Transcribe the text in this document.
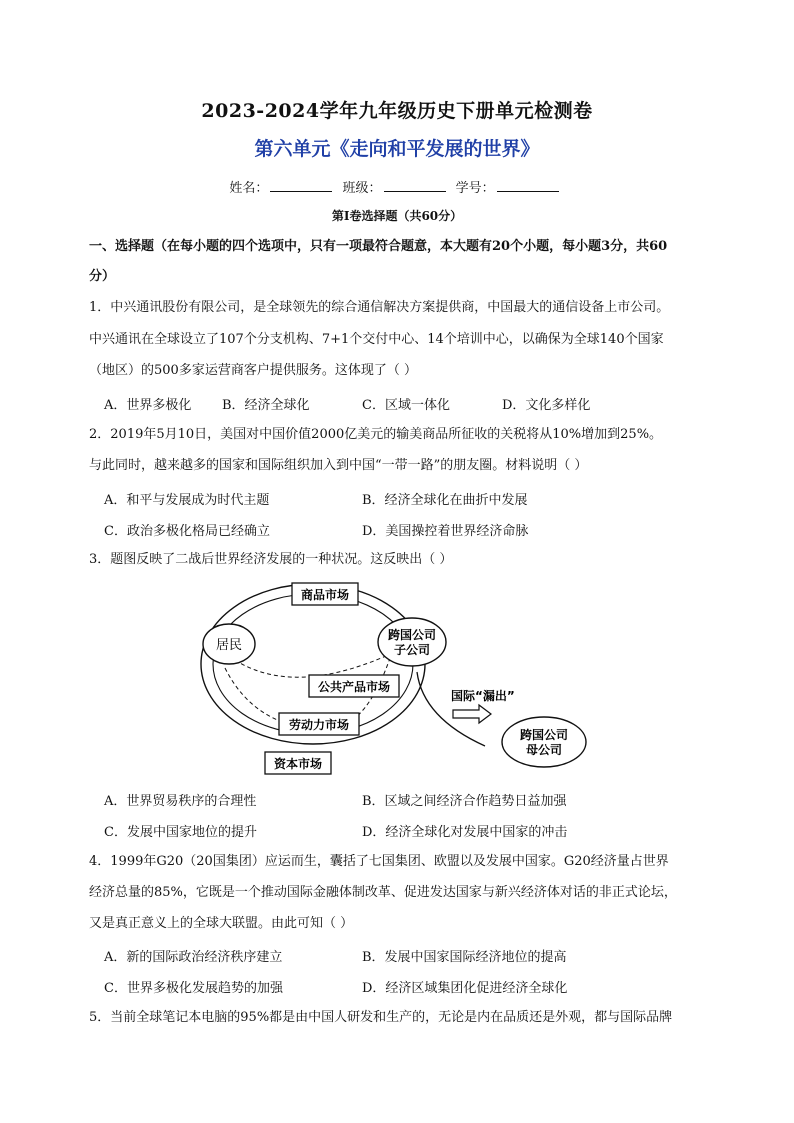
2023-2024学年九年级历史下册单元检测卷
第六单元《走向和平发展的世界》
姓名：	班级：	学号：
第I卷选择题（共60分）
一、选择题（在每小题的四个选项中，只有一项最符合题意，本大题有20个小题，每小题3分，共60
分）
1．中兴通讯股份有限公司，是全球领先的综合通信解决方案提供商，中国最大的通信设备上市公司。
中兴通讯在全球设立了107个分支机构、7+1个交付中心、14个培训中心，以确保为全球140个国家
（地区）的500多家运营商客户提供服务。这体现了（ ）
A．世界多极化 B．经济全球化	C．区域一体化	D．文化多样化
2．2019年5月10日，美国对中国价值2000亿美元的输美商品所征收的关税将从10%增加到25%。
与此同时，越来越多的国家和国际组织加入到中国“一带一路”的朋友圈。材料说明（ ）
A．和平与发展成为时代主题	B．经济全球化在曲折中发展
C．政治多极化格局已经确立	D．美国操控着世界经济命脉
3．题图反映了二战后世界经济发展的一种状况。这反映出（ ）
居民
跨国公司
子公司
商品市场
公共产品市场
劳动力市场
资本市场
国际“漏出”
跨国公司
母公司
A．世界贸易秩序的合理性	B．区域之间经济合作趋势日益加强
C．发展中国家地位的提升	D．经济全球化对发展中国家的冲击
4．1999年G20（20国集团）应运而生，囊括了七国集团、欧盟以及发展中国家。G20经济量占世界
经济总量的85%，它既是一个推动国际金融体制改革、促进发达国家与新兴经济体对话的非正式论坛，
又是真正意义上的全球大联盟。由此可知（ ）
A．新的国际政治经济秩序建立	B．发展中国家国际经济地位的提高
C．世界多极化发展趋势的加强	D．经济区域集团化促进经济全球化
5．当前全球笔记本电脑的95%都是由中国人研发和生产的，无论是内在品质还是外观，都与国际品牌
